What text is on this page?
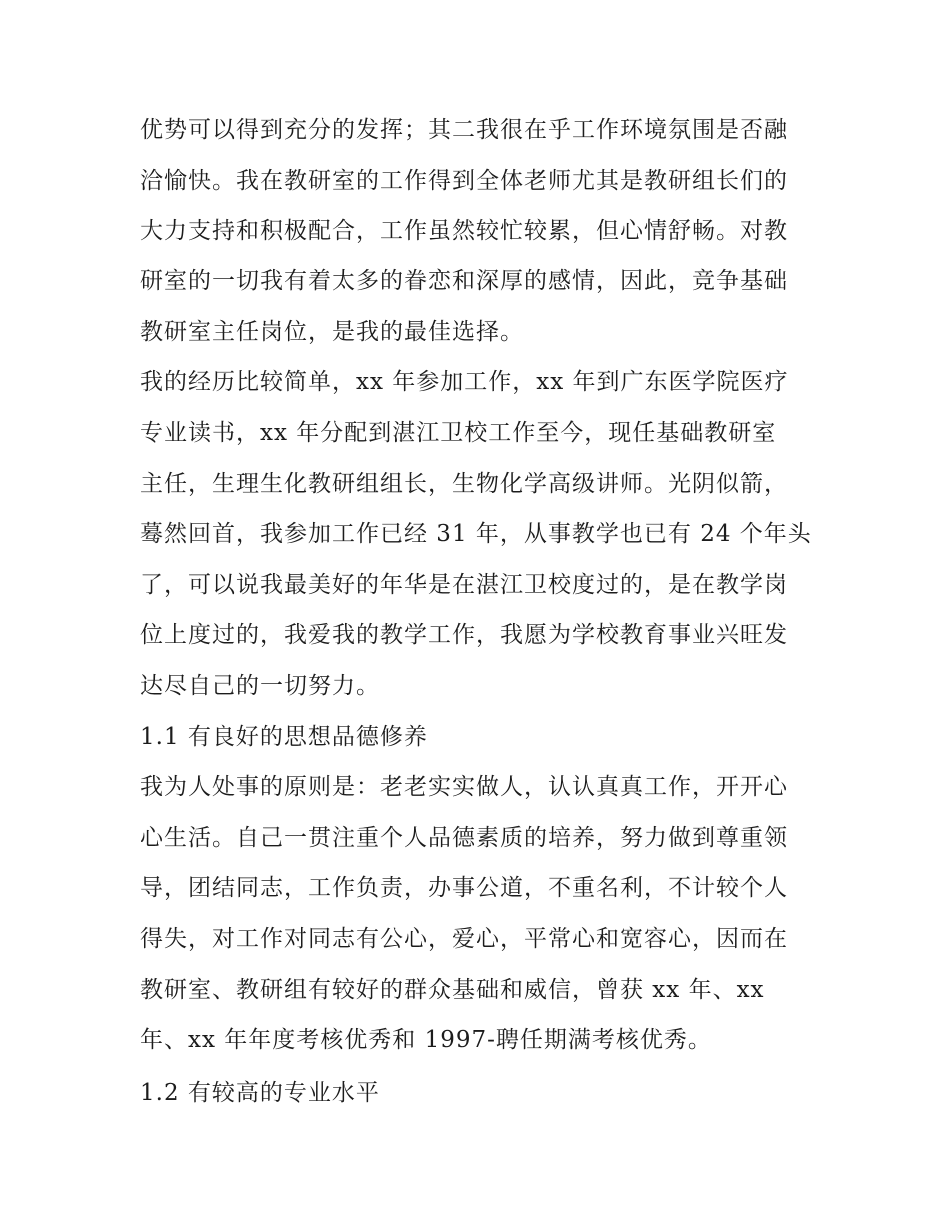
优势可以得到充分的发挥；其二我很在乎工作环境氛围是否融
洽愉快。我在教研室的工作得到全体老师尤其是教研组长们的
大力支持和积极配合，工作虽然较忙较累，但心情舒畅。对教
研室的一切我有着太多的眷恋和深厚的感情，因此，竞争基础
教研室主任岗位，是我的最佳选择。
我的经历比较简单，xx 年参加工作，xx 年到广东医学院医疗
专业读书，xx 年分配到湛江卫校工作至今，现任基础教研室
主任，生理生化教研组组长，生物化学高级讲师。光阴似箭，
蓦然回首，我参加工作已经 31 年，从事教学也已有 24 个年头
了，可以说我最美好的年华是在湛江卫校度过的，是在教学岗
位上度过的，我爱我的教学工作，我愿为学校教育事业兴旺发
达尽自己的一切努力。
1.1 有良好的思想品德修养
我为人处事的原则是：老老实实做人，认认真真工作，开开心
心生活。自己一贯注重个人品德素质的培养，努力做到尊重领
导，团结同志，工作负责，办事公道，不重名利，不计较个人
得失，对工作对同志有公心，爱心，平常心和宽容心，因而在
教研室、教研组有较好的群众基础和威信，曾获 xx 年、xx
年、xx 年年度考核优秀和 1997-聘任期满考核优秀。
1.2 有较高的专业水平
